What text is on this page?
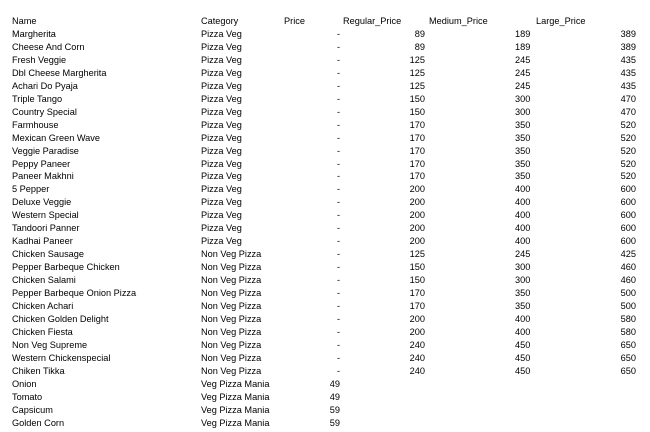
Name	Category	Price	Regular_Price	Medium_Price	Large_Price
Margherita	Pizza Veg	-	89	189	389
Cheese And Corn	Pizza Veg	-	89	189	389
Fresh Veggie	Pizza Veg	-	125	245	435
Dbl Cheese Margherita	Pizza Veg	-	125	245	435
Achari Do Pyaja	Pizza Veg	-	125	245	435
Triple Tango	Pizza Veg	-	150	300	470
Country Special	Pizza Veg	-	150	300	470
Farmhouse	Pizza Veg	-	170	350	520
Mexican Green Wave	Pizza Veg	-	170	350	520
Veggie Paradise	Pizza Veg	-	170	350	520
Peppy Paneer	Pizza Veg	-	170	350	520
Paneer Makhni	Pizza Veg	-	170	350	520
5 Pepper	Pizza Veg	-	200	400	600
Deluxe Veggie	Pizza Veg	-	200	400	600
Western Special	Pizza Veg	-	200	400	600
Tandoori Panner	Pizza Veg	-	200	400	600
Kadhai Paneer	Pizza Veg	-	200	400	600
Chicken Sausage	Non Veg Pizza	-	125	245	425
Pepper Barbeque Chicken	Non Veg Pizza	-	150	300	460
Chicken Salami	Non Veg Pizza	-	150	300	460
Pepper Barbeque Onion Pizza	Non Veg Pizza	-	170	350	500
Chicken Achari	Non Veg Pizza	-	170	350	500
Chicken Golden Delight	Non Veg Pizza	-	200	400	580
Chicken Fiesta	Non Veg Pizza	-	200	400	580
Non Veg Supreme	Non Veg Pizza	-	240	450	650
Western Chickenspecial	Non Veg Pizza	-	240	450	650
Chiken Tikka	Non Veg Pizza	-	240	450	650
Onion	Veg Pizza Mania	49
Tomato	Veg Pizza Mania	49
Capsicum	Veg Pizza Mania	59
Golden Corn	Veg Pizza Mania	59
